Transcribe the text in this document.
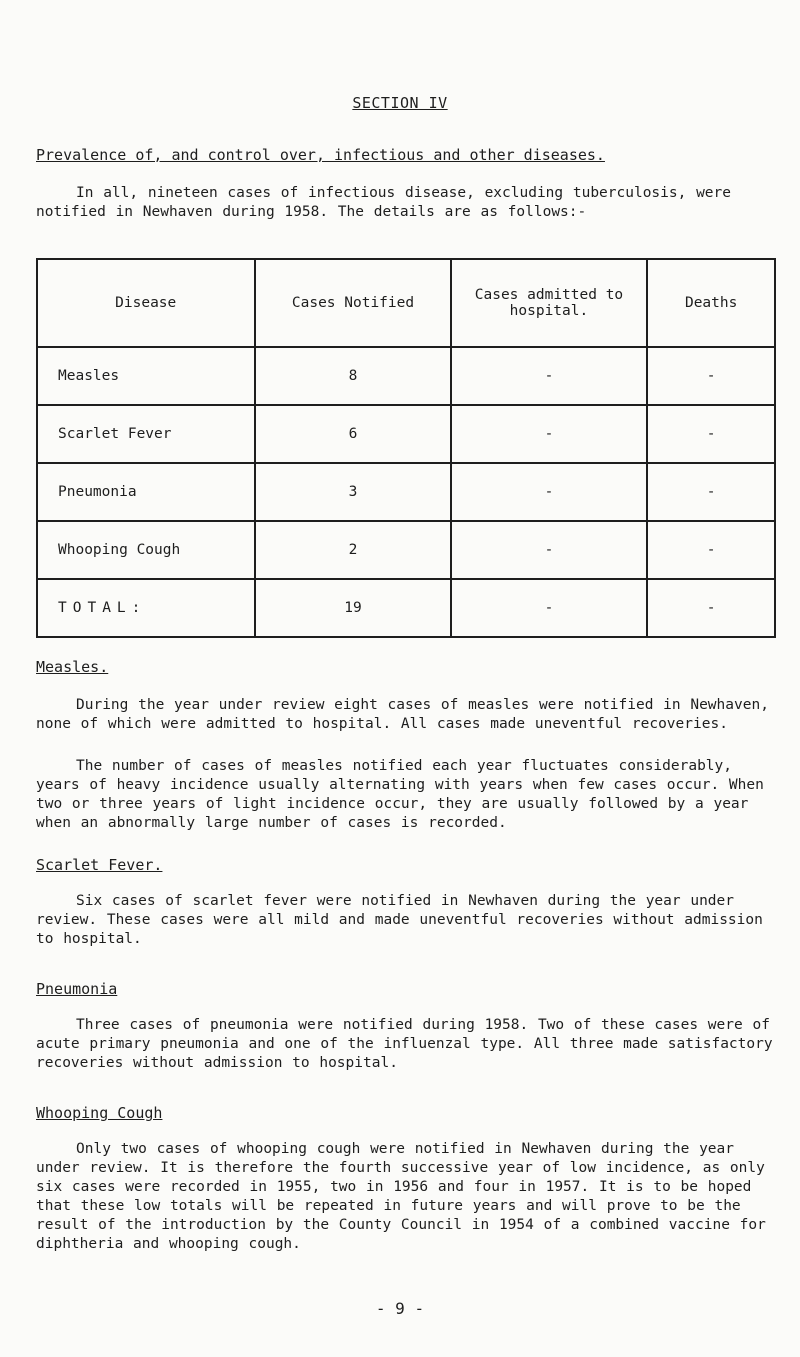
SECTION IV
Prevalence of, and control over, infectious and other diseases.

In all, nineteen cases of infectious disease, excluding tuberculosis, were notified in Newhaven during 1958. The details are as follows:-

Disease	Cases Notified	Cases admitted to hospital.	Deaths
Measles	8	-	-
Scarlet Fever	6	-	-
Pneumonia	3	-	-
Whooping Cough	2	-	-
TOTAL:	19	-	-
Measles.

During the year under review eight cases of measles were notified in Newhaven, none of which were admitted to hospital. All cases made uneventful recoveries.

The number of cases of measles notified each year fluctuates considerably, years of heavy incidence usually alternating with years when few cases occur. When two or three years of light incidence occur, they are usually followed by a year when an abnormally large number of cases is recorded.

Scarlet Fever.

Six cases of scarlet fever were notified in Newhaven during the year under review. These cases were all mild and made uneventful recoveries without admission to hospital.

Pneumonia

Three cases of pneumonia were notified during 1958. Two of these cases were of acute primary pneumonia and one of the influenzal type. All three made satisfactory recoveries without admission to hospital.

Whooping Cough

Only two cases of whooping cough were notified in Newhaven during the year under review. It is therefore the fourth successive year of low incidence, as only six cases were recorded in 1955, two in 1956 and four in 1957. It is to be hoped that these low totals will be repeated in future years and will prove to be the result of the introduction by the County Council in 1954 of a combined vaccine for diphtheria and whooping cough.

- 9 -
